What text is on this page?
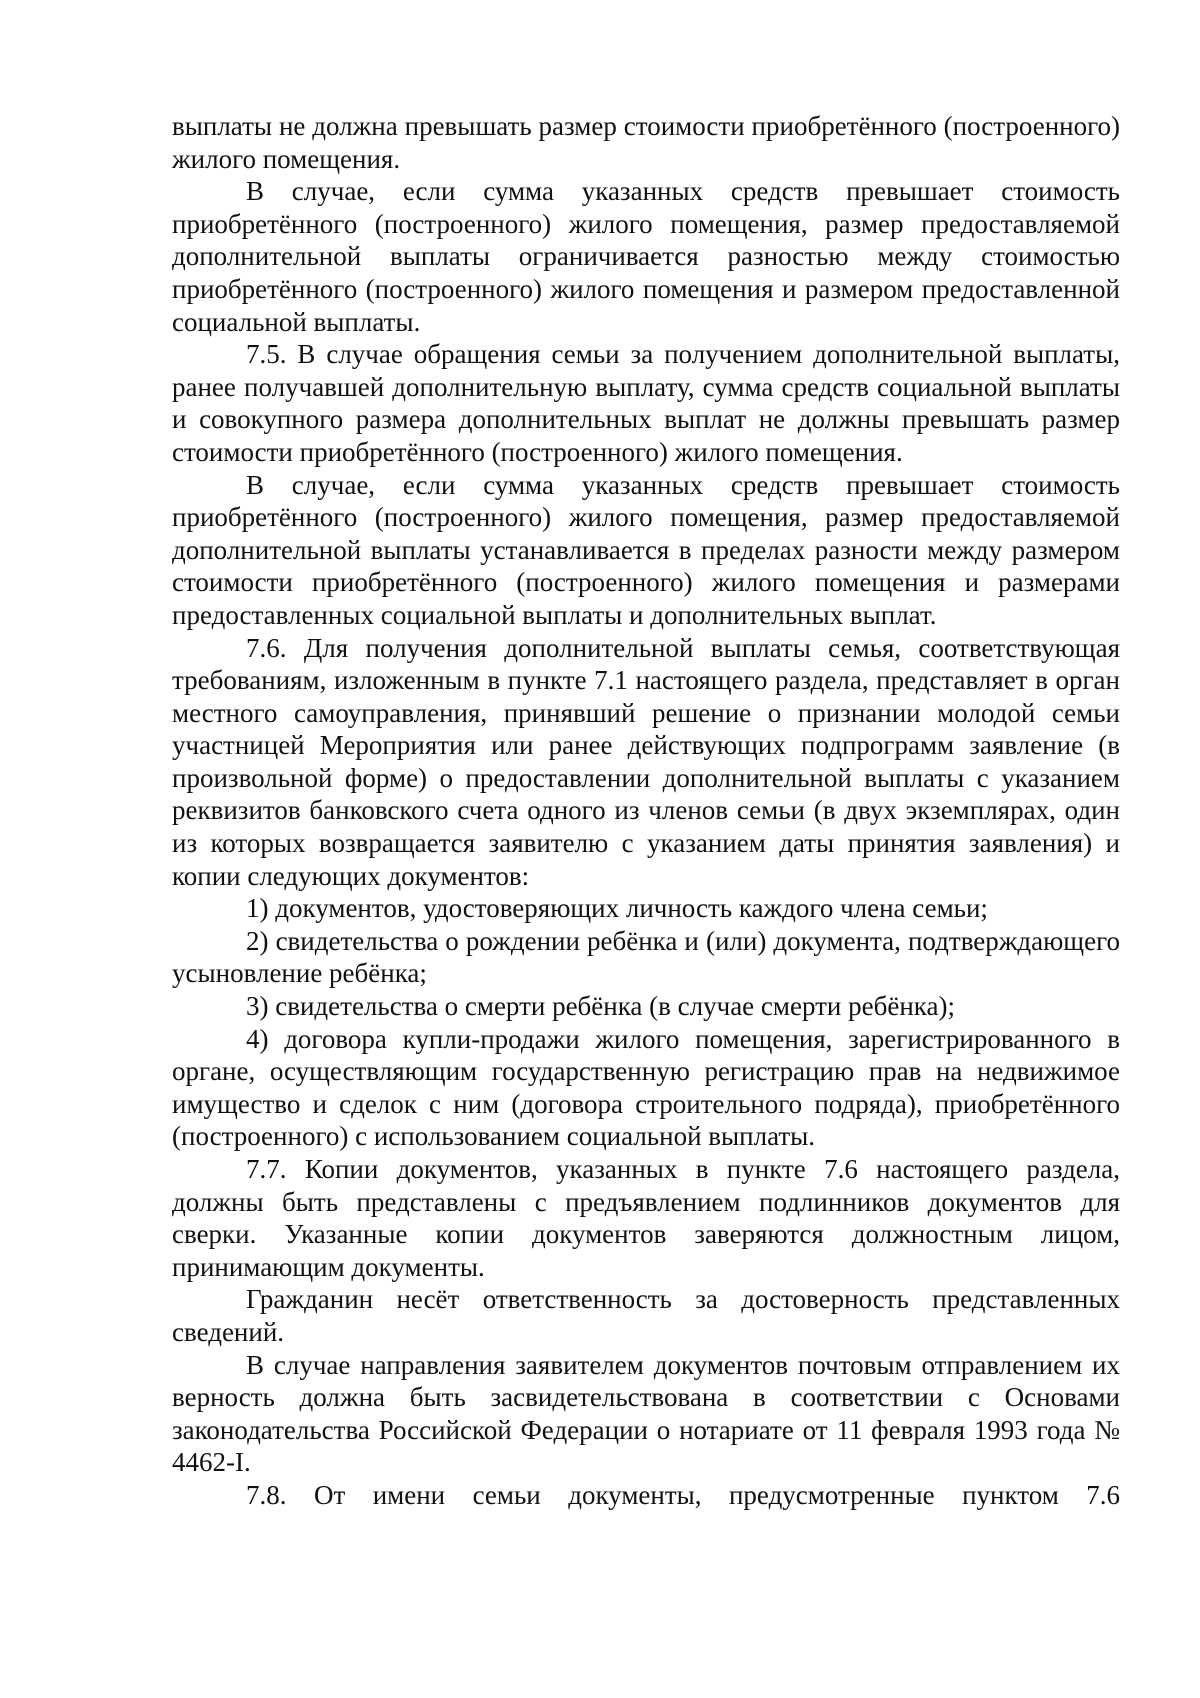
выплаты не должна превышать размер стоимости приобретённого (построенного) жилого помещения.

В случае, если сумма указанных средств превышает стоимость приобретённого (построенного) жилого помещения, размер предоставляемой дополнительной выплаты ограничивается разностью между стоимостью приобретённого (построенного) жилого помещения и размером предоставленной социальной выплаты.

7.5. В случае обращения семьи за получением дополнительной выплаты, ранее получавшей дополнительную выплату, сумма средств социальной выплаты и совокупного размера дополнительных выплат не должны превышать размер стоимости приобретённого (построенного) жилого помещения.

В случае, если сумма указанных средств превышает стоимость приобретённого (построенного) жилого помещения, размер предоставляемой дополнительной выплаты устанавливается в пределах разности между размером стоимости приобретённого (построенного) жилого помещения и размерами предоставленных социальной выплаты и дополнительных выплат.

7.6. Для получения дополнительной выплаты семья, соответствующая требованиям, изложенным в пункте 7.1 настоящего раздела, представляет в орган местного самоуправления, принявший решение о признании молодой семьи участницей Мероприятия или ранее действующих подпрограмм заявление (в произвольной форме) о предоставлении дополнительной выплаты с указанием реквизитов банковского счета одного из членов семьи (в двух экземплярах, один из которых возвращается заявителю с указанием даты принятия заявления) и копии следующих документов:

1) документов, удостоверяющих личность каждого члена семьи;

2) свидетельства о рождении ребёнка и (или) документа, подтверждающего усыновление ребёнка;

3) свидетельства о смерти ребёнка (в случае смерти ребёнка);

4) договора купли-продажи жилого помещения, зарегистрированного в органе, осуществляющим государственную регистрацию прав на недвижимое имущество и сделок с ним (договора строительного подряда), приобретённого (построенного) с использованием социальной выплаты.

7.7. Копии документов, указанных в пункте 7.6 настоящего раздела, должны быть представлены с предъявлением подлинников документов для сверки. Указанные копии документов заверяются должностным лицом, принимающим документы.

Гражданин несёт ответственность за достоверность представленных сведений.

В случае направления заявителем документов почтовым отправлением их верность должна быть засвидетельствована в соответствии с Основами законодательства Российской Федерации о нотариате от 11 февраля 1993 года № 4462-I.

7.8. От имени семьи документы, предусмотренные пунктом 7.6
